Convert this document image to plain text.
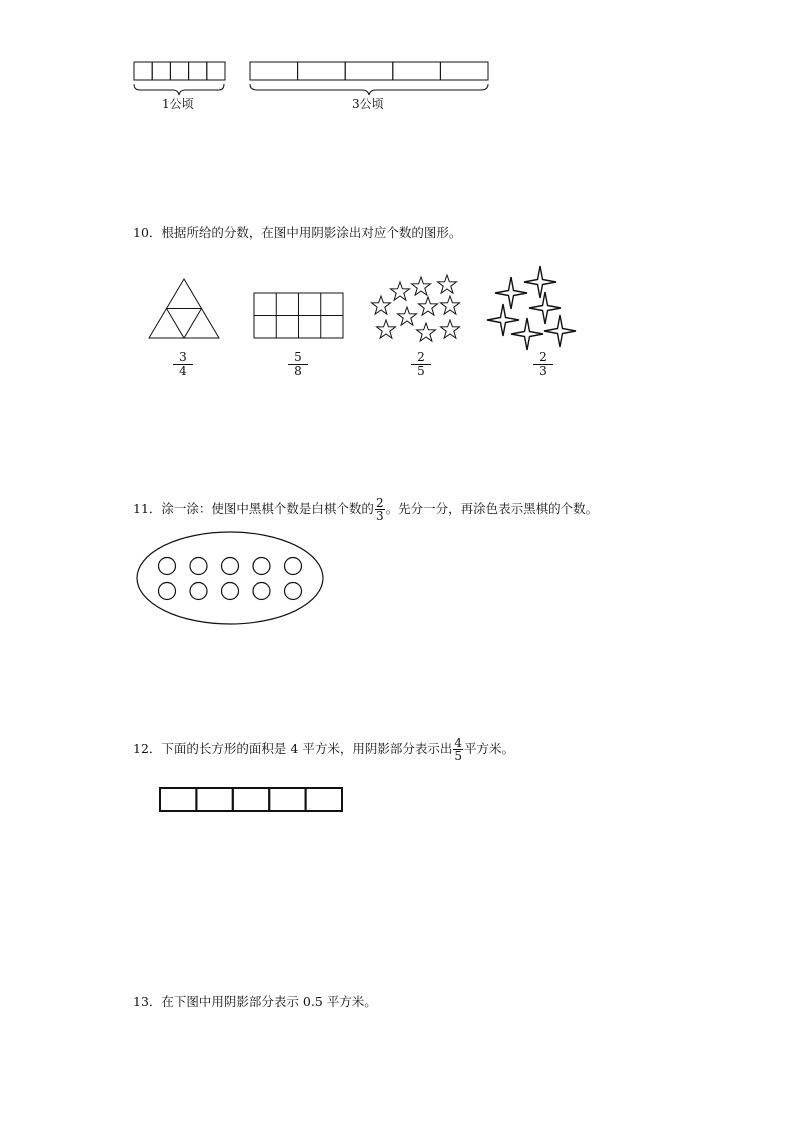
1公顷	3公顷
10．根据所给的分数，在图中用阴影涂出对应个数的图形。
3
4
5
8
2
5
2
3
11．涂一涂：使图中黑棋个数是白棋个数的 $\frac{2}{3}$ 。先分一分，再涂色表示黑棋的个数。
12．下面的长方形的面积是 4 平方米，用阴影部分表示出 $\frac{4}{5}$ 平方米。
13．在下图中用阴影部分表示 0.5 平方米。
